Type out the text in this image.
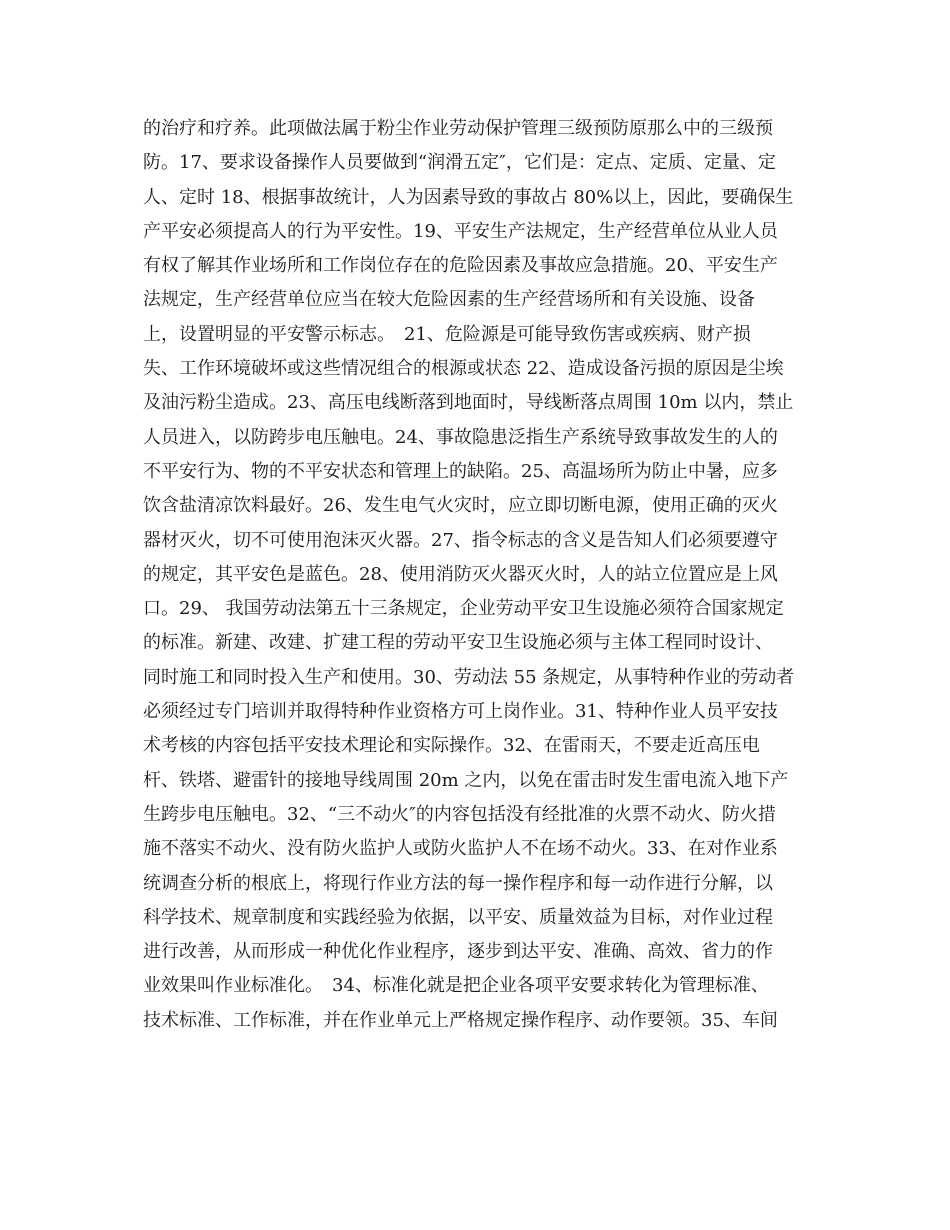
的治疗和疗养。此项做法属于粉尘作业劳动保护管理三级预防原那么中的三级预
防。17、要求设备操作人员要做到“润滑五定″，它们是：定点、定质、定量、定
人、定时 18、根据事故统计，人为因素导致的事故占 80%以上，因此，要确保生
产平安必须提高人的行为平安性。19、平安生产法规定，生产经营单位从业人员
有权了解其作业场所和工作岗位存在的危险因素及事故应急措施。20、平安生产
法规定，生产经营单位应当在较大危险因素的生产经营场所和有关设施、设备
上，设置明显的平安警示标志。　21、危险源是可能导致伤害或疾病、财产损
失、工作环境破坏或这些情况组合的根源或状态 22、造成设备污损的原因是尘埃
及油污粉尘造成。23、高压电线断落到地面时，导线断落点周围 10m 以内，禁止
人员进入，以防跨步电压触电。24、事故隐患泛指生产系统导致事故发生的人的
不平安行为、物的不平安状态和管理上的缺陷。25、高温场所为防止中暑，应多
饮含盐清凉饮料最好。26、发生电气火灾时，应立即切断电源，使用正确的灭火
器材灭火，切不可使用泡沫灭火器。27、指令标志的含义是告知人们必须要遵守
的规定，其平安色是蓝色。28、使用消防灭火器灭火时，人的站立位置应是上风
口。29、 我国劳动法第五十三条规定，企业劳动平安卫生设施必须符合国家规定
的标准。新建、改建、扩建工程的劳动平安卫生设施必须与主体工程同时设计、
同时施工和同时投入生产和使用。30、劳动法 55 条规定，从事特种作业的劳动者
必须经过专门培训并取得特种作业资格方可上岗作业。31、特种作业人员平安技
术考核的内容包括平安技术理论和实际操作。32、在雷雨天，不要走近高压电
杆、铁塔、避雷针的接地导线周围 20m 之内，以免在雷击时发生雷电流入地下产
生跨步电压触电。32、“三不动火″的内容包括没有经批准的火票不动火、防火措
施不落实不动火、没有防火监护人或防火监护人不在场不动火。33、在对作业系
统调查分析的根底上，将现行作业方法的每一操作程序和每一动作进行分解，以
科学技术、规章制度和实践经验为依据，以平安、质量效益为目标，对作业过程
进行改善，从而形成一种优化作业程序，逐步到达平安、准确、高效、省力的作
业效果叫作业标准化。　34、标准化就是把企业各项平安要求转化为管理标准、
技术标准、工作标准，并在作业单元上严格规定操作程序、动作要领。35、车间
